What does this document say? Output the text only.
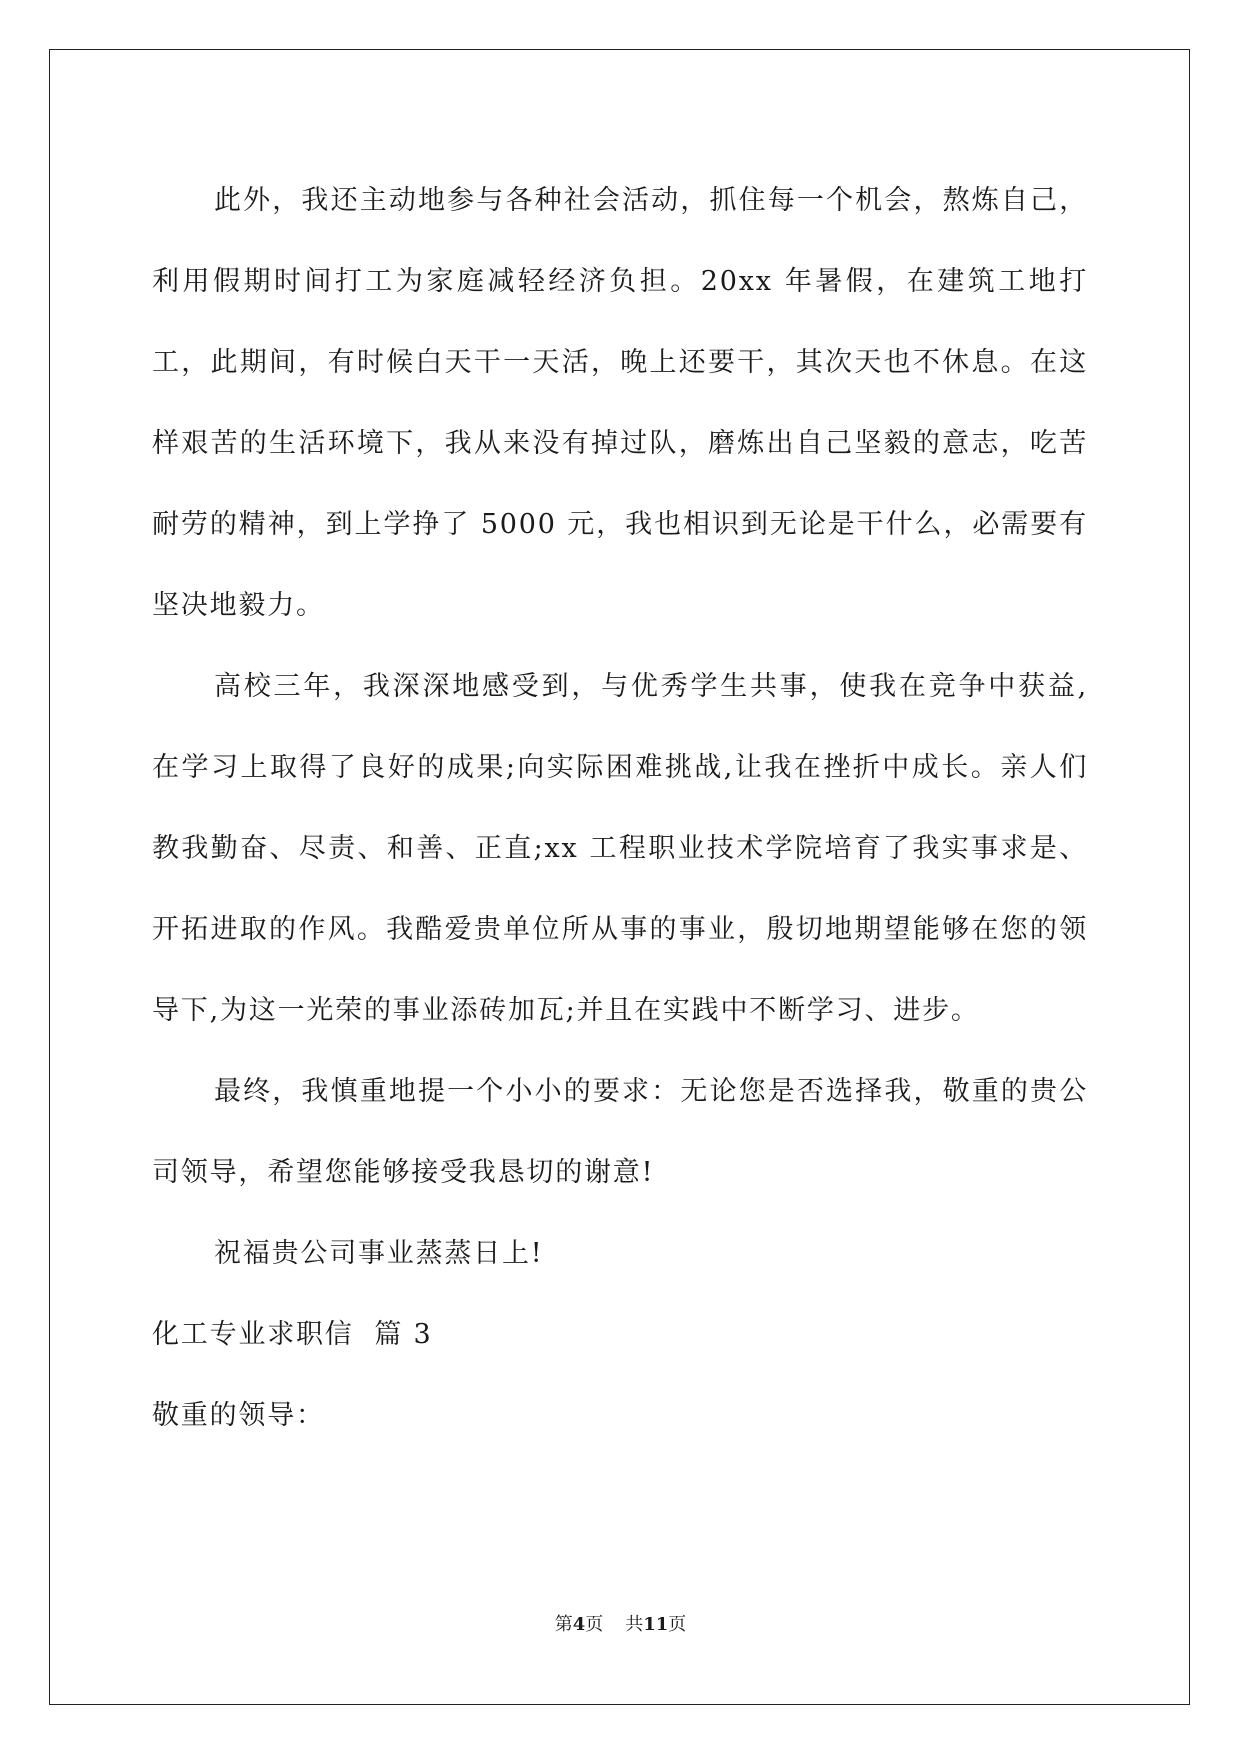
此外，我还主动地参与各种社会活动，抓住每一个机会，熬炼自己，利用假期时间打工为家庭减轻经济负担。20xx 年暑假，在建筑工地打工，此期间，有时候白天干一天活，晚上还要干，其次天也不休息。在这样艰苦的生活环境下，我从来没有掉过队，磨炼出自己坚毅的意志，吃苦耐劳的精神，到上学挣了 5000 元，我也相识到无论是干什么，必需要有坚决地毅力。

高校三年，我深深地感受到，与优秀学生共事，使我在竞争中获益,在学习上取得了良好的成果;向实际困难挑战,让我在挫折中成长。亲人们教我勤奋、尽责、和善、正直;xx 工程职业技术学院培育了我实事求是、开拓进取的作风。我酷爱贵单位所从事的事业，殷切地期望能够在您的领导下,为这一光荣的事业添砖加瓦;并且在实践中不断学习、进步。

最终，我慎重地提一个小小的要求：无论您是否选择我，敬重的贵公司领导，希望您能够接受我恳切的谢意!

祝福贵公司事业蒸蒸日上!

化工专业求职信  篇 3

敬重的领导：

第4页 共11页
